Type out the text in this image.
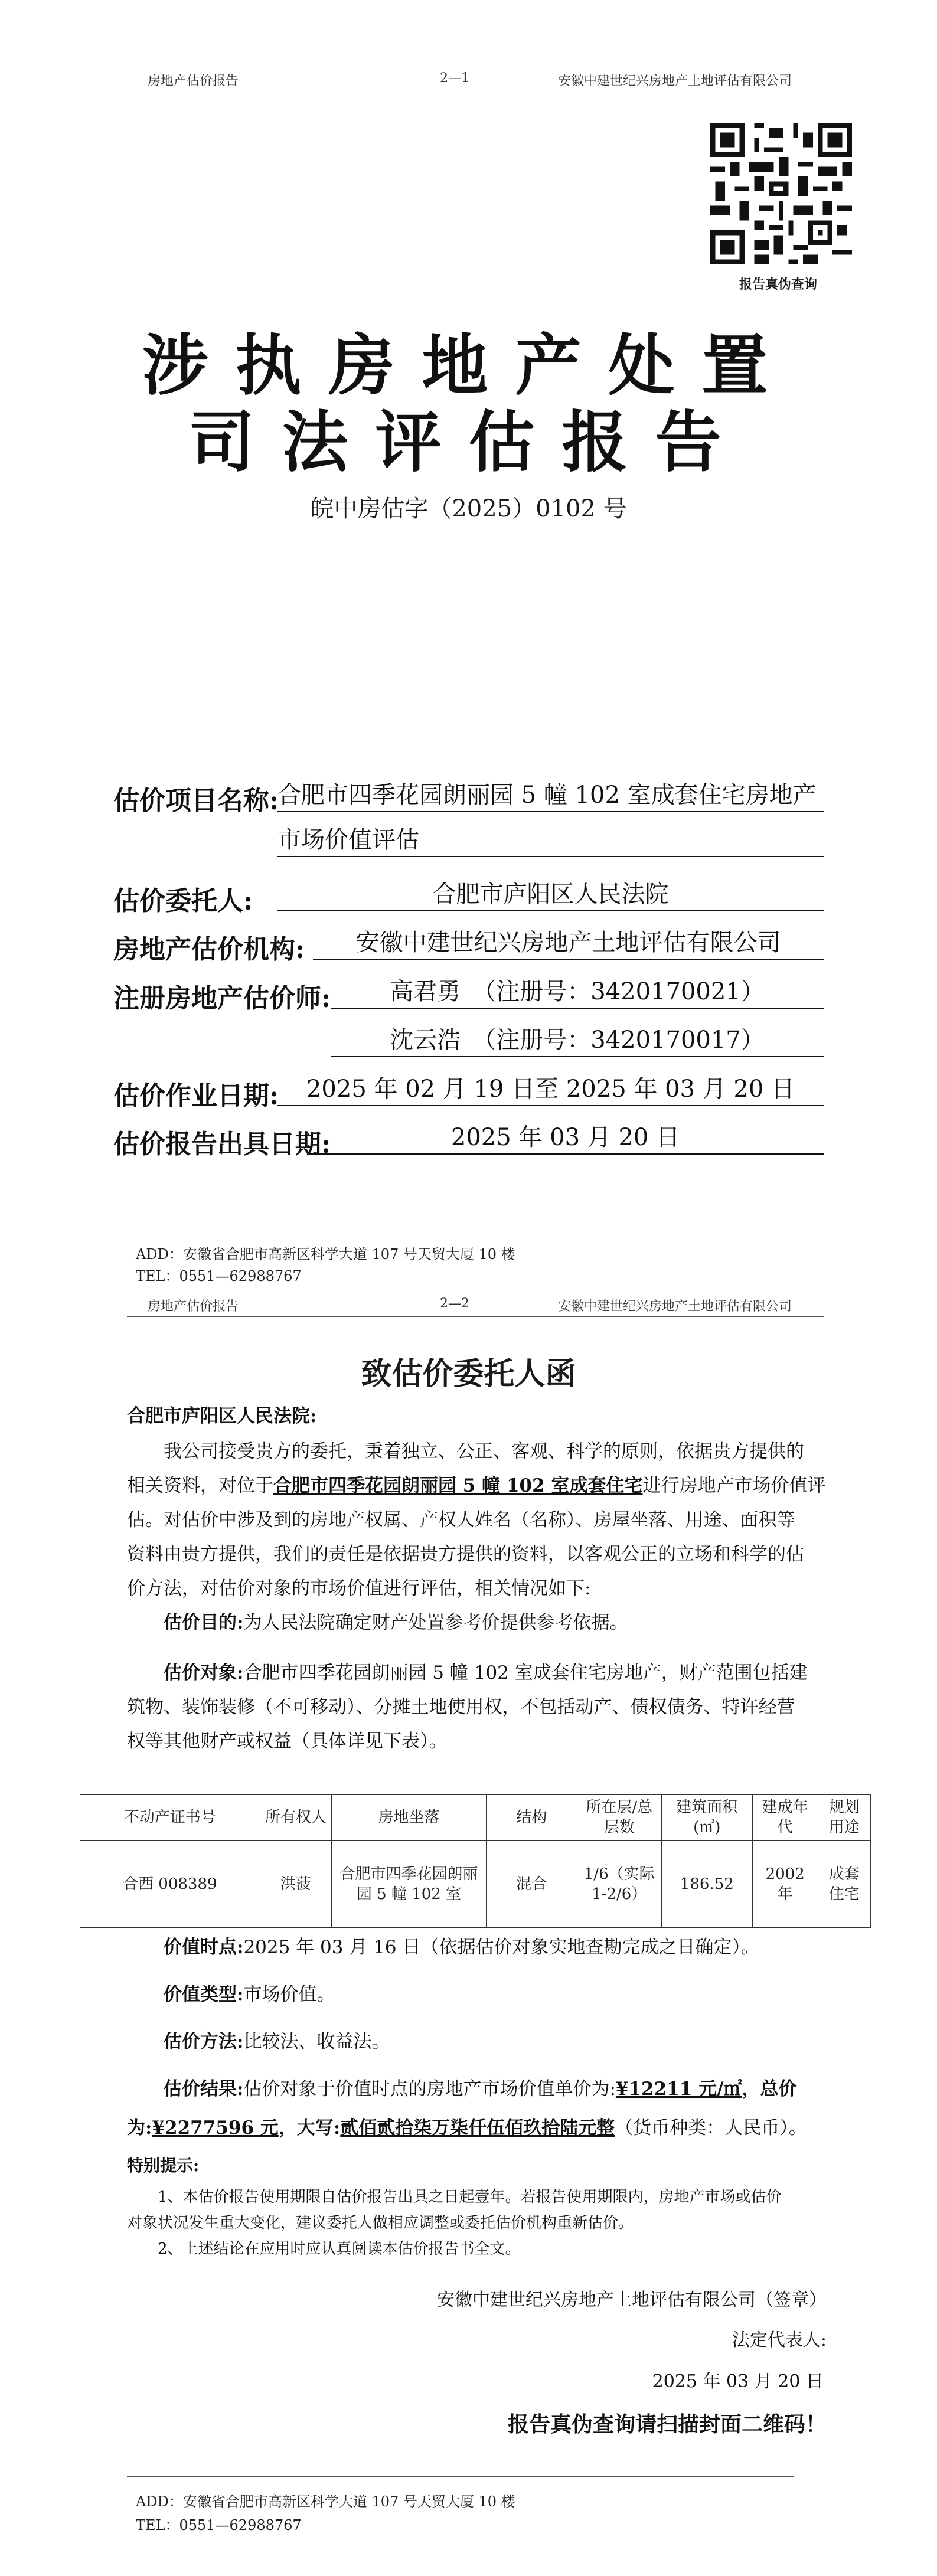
房地产估价报告	2—1	安徽中建世纪兴房地产土地评估有限公司
报告真伪查询
涉执房地产处置
司法评估报告
皖中房估字（2025）0102 号
估价项目名称:
合肥市四季花园朗丽园 5 幢 102 室成套住宅房地产
市场价值评估
估价委托人:	合肥市庐阳区人民法院
房地产估价机构:	安徽中建世纪兴房地产土地评估有限公司
注册房地产估价师:	高君勇　（注册号：3420170021）
沈云浩　（注册号：3420170017）
估价作业日期:	2025 年 02 月 19 日至 2025 年 03 月 20 日
估价报告出具日期:	2025 年 03 月 20 日
ADD：安徽省合肥市高新区科学大道 107 号天贸大厦 10 楼
TEL：0551—62988767
房地产估价报告	2—2	安徽中建世纪兴房地产土地评估有限公司
致估价委托人函
合肥市庐阳区人民法院:
我公司接受贵方的委托，秉着独立、公正、客观、科学的原则，依据贵方提供的
相关资料，对位于合肥市四季花园朗丽园 5 幢 102 室成套住宅进行房地产市场价值评
估。对估价中涉及到的房地产权属、产权人姓名（名称）、房屋坐落、用途、面积等
资料由贵方提供，我们的责任是依据贵方提供的资料，以客观公正的立场和科学的估
价方法，对估价对象的市场价值进行评估，相关情况如下:
估价目的:为人民法院确定财产处置参考价提供参考依据。
估价对象:合肥市四季花园朗丽园 5 幢 102 室成套住宅房地产，财产范围包括建
筑物、装饰装修（不可移动）、分摊土地使用权，不包括动产、债权债务、特许经营
权等其他财产或权益（具体详见下表）。
不动产证书号	所有权人	房地坐落	结构	所在层/总层数	建筑面积(㎡)	建成年代	规划用途
合西 008389	洪菠	合肥市四季花园朗丽园 5 幢 102 室	混合	1/6（实际1-2/6）	186.52	2002 年	成套住宅
价值时点:2025 年 03 月 16 日（依据估价对象实地查勘完成之日确定）。
价值类型:市场价值。
估价方法:比较法、收益法。
估价结果:估价对象于价值时点的房地产市场价值单价为:¥12211 元/㎡，总价
为:¥2277596 元，大写:贰佰贰拾柒万柒仟伍佰玖拾陆元整（货币种类：人民币）。
特别提示:
1、本估价报告使用期限自估价报告出具之日起壹年。若报告使用期限内，房地产市场或估价
对象状况发生重大变化，建议委托人做相应调整或委托估价机构重新估价。
2、上述结论在应用时应认真阅读本估价报告书全文。
安徽中建世纪兴房地产土地评估有限公司（签章）
法定代表人:
2025 年 03 月 20 日
报告真伪查询请扫描封面二维码！
ADD：安徽省合肥市高新区科学大道 107 号天贸大厦 10 楼
TEL：0551—62988767
